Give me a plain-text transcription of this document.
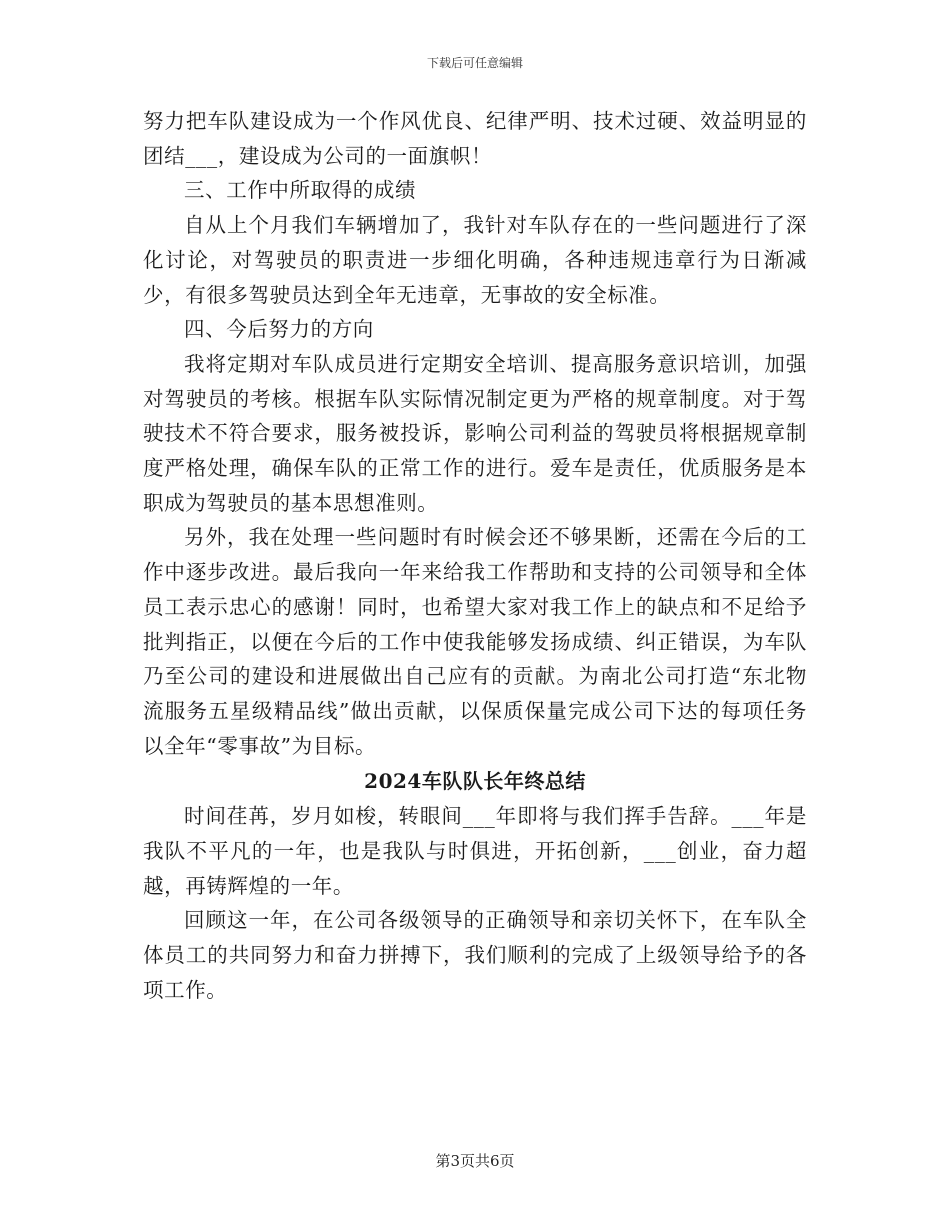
下载后可任意编辑

努力把车队建设成为一个作风优良、纪律严明、技术过硬、效益明显的团结___，建设成为公司的一面旗帜！

三、工作中所取得的成绩

自从上个月我们车辆增加了，我针对车队存在的一些问题进行了深化讨论，对驾驶员的职责进一步细化明确，各种违规违章行为日渐减少，有很多驾驶员达到全年无违章，无事故的安全标准。

四、今后努力的方向

我将定期对车队成员进行定期安全培训、提高服务意识培训，加强对驾驶员的考核。根据车队实际情况制定更为严格的规章制度。对于驾驶技术不符合要求，服务被投诉，影响公司利益的驾驶员将根据规章制度严格处理，确保车队的正常工作的进行。爱车是责任，优质服务是本职成为驾驶员的基本思想准则。

另外，我在处理一些问题时有时候会还不够果断，还需在今后的工作中逐步改进。最后我向一年来给我工作帮助和支持的公司领导和全体员工表示忠心的感谢！同时，也希望大家对我工作上的缺点和不足给予批判指正，以便在今后的工作中使我能够发扬成绩、纠正错误，为车队乃至公司的建设和进展做出自己应有的贡献。为南北公司打造“东北物流服务五星级精品线”做出贡献，以保质保量完成公司下达的每项任务以全年“零事故”为目标。

2024车队队长年终总结

时间荏苒，岁月如梭，转眼间___年即将与我们挥手告辞。___年是我队不平凡的一年，也是我队与时俱进，开拓创新，___创业，奋力超越，再铸辉煌的一年。

回顾这一年，在公司各级领导的正确领导和亲切关怀下，在车队全体员工的共同努力和奋力拼搏下，我们顺利的完成了上级领导给予的各项工作。

第3页共6页
